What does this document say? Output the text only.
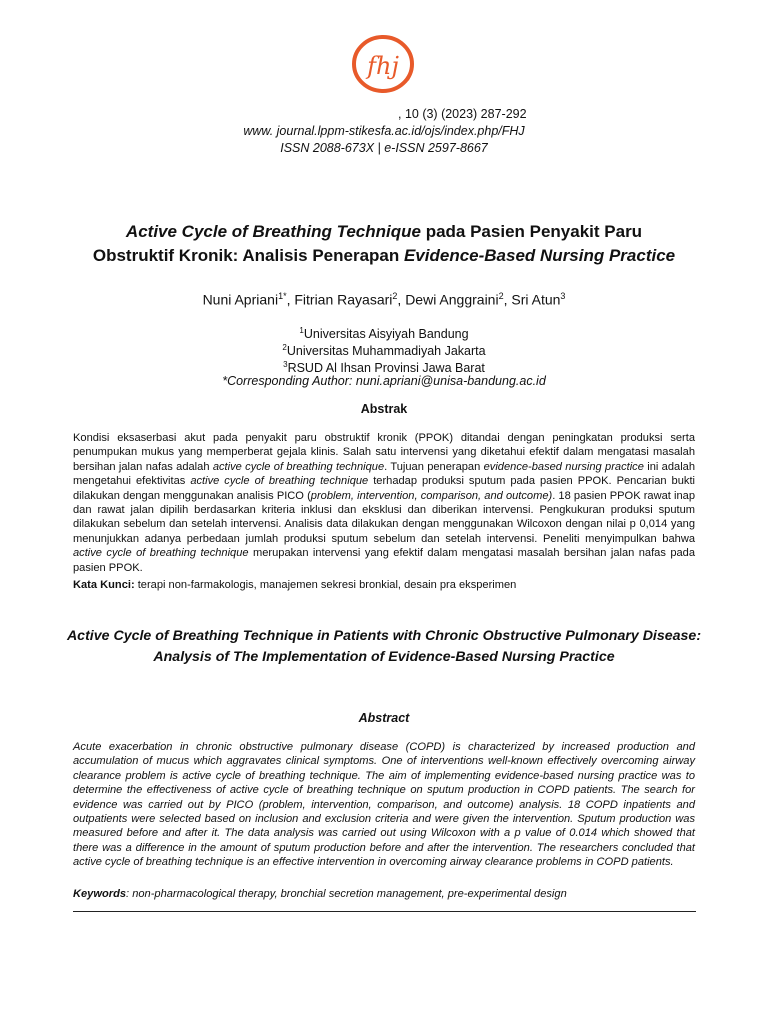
fhj
, 10 (3) (2023) 287-292
www. journal.lppm-stikesfa.ac.id/ojs/index.php/FHJ
ISSN 2088-673X | e-ISSN 2597-8667
Active Cycle of Breathing Technique pada Pasien Penyakit Paru
Obstruktif Kronik: Analisis Penerapan Evidence-Based Nursing Practice
Nuni Apriani$^{1*}$, Fitrian Rayasari$^2$, Dewi Anggraini$^2$, Sri Atun$^3$
$^1$Universitas Aisyiyah Bandung
$^2$Universitas Muhammadiyah Jakarta
$^3$RSUD Al Ihsan Provinsi Jawa Barat
*Corresponding Author: nuni.apriani@unisa-bandung.ac.id
Abstrak

Kondisi eksaserbasi akut pada penyakit paru obstruktif kronik (PPOK) ditandai dengan peningkatan produksi serta penumpukan mukus yang memperberat gejala klinis. Salah satu intervensi yang diketahui efektif dalam mengatasi masalah bersihan jalan nafas adalah active cycle of breathing technique. Tujuan penerapan evidence-based nursing practice ini adalah mengetahui efektivitas active cycle of breathing technique terhadap produksi sputum pada pasien PPOK. Pencarian bukti dilakukan dengan menggunakan analisis PICO (problem, intervention, comparison, and outcome). 18 pasien PPOK rawat inap dan rawat jalan dipilih berdasarkan kriteria inklusi dan eksklusi dan diberikan intervensi. Pengkukuran produksi sputum dilakukan sebelum dan setelah intervensi. Analisis data dilakukan dengan menggunakan Wilcoxon dengan nilai p 0,014 yang menunjukkan adanya perbedaan jumlah produksi sputum sebelum dan setelah intervensi. Peneliti menyimpulkan bahwa active cycle of breathing technique merupakan intervensi yang efektif dalam mengatasi masalah bersihan jalan nafas pada pasien PPOK.

Kata Kunci: terapi non-farmakologis, manajemen sekresi bronkial, desain pra eksperimen
Active Cycle of Breathing Technique in Patients with Chronic Obstructive Pulmonary Disease: Analysis of The Implementation of Evidence-Based Nursing Practice
Abstract

Acute exacerbation in chronic obstructive pulmonary disease (COPD) is characterized by increased production and accumulation of mucus which aggravates clinical symptoms. One of interventions well-known effectively overcoming airway clearance problem is active cycle of breathing technique. The aim of implementing evidence-based nursing practice was to determine the effectiveness of active cycle of breathing technique on sputum production in COPD patients. The search for evidence was carried out by PICO (problem, intervention, comparison, and outcome) analysis. 18 COPD inpatients and outpatients were selected based on inclusion and exclusion criteria and were given the intervention. Sputum production was measured before and after it. The data analysis was carried out using Wilcoxon with a p value of 0.014 which showed that there was a difference in the amount of sputum production before and after the intervention. The researchers concluded that active cycle of breathing technique is an effective intervention in overcoming airway clearance problems in COPD patients.

Keywords: non-pharmacological therapy, bronchial secretion management, pre-experimental design
